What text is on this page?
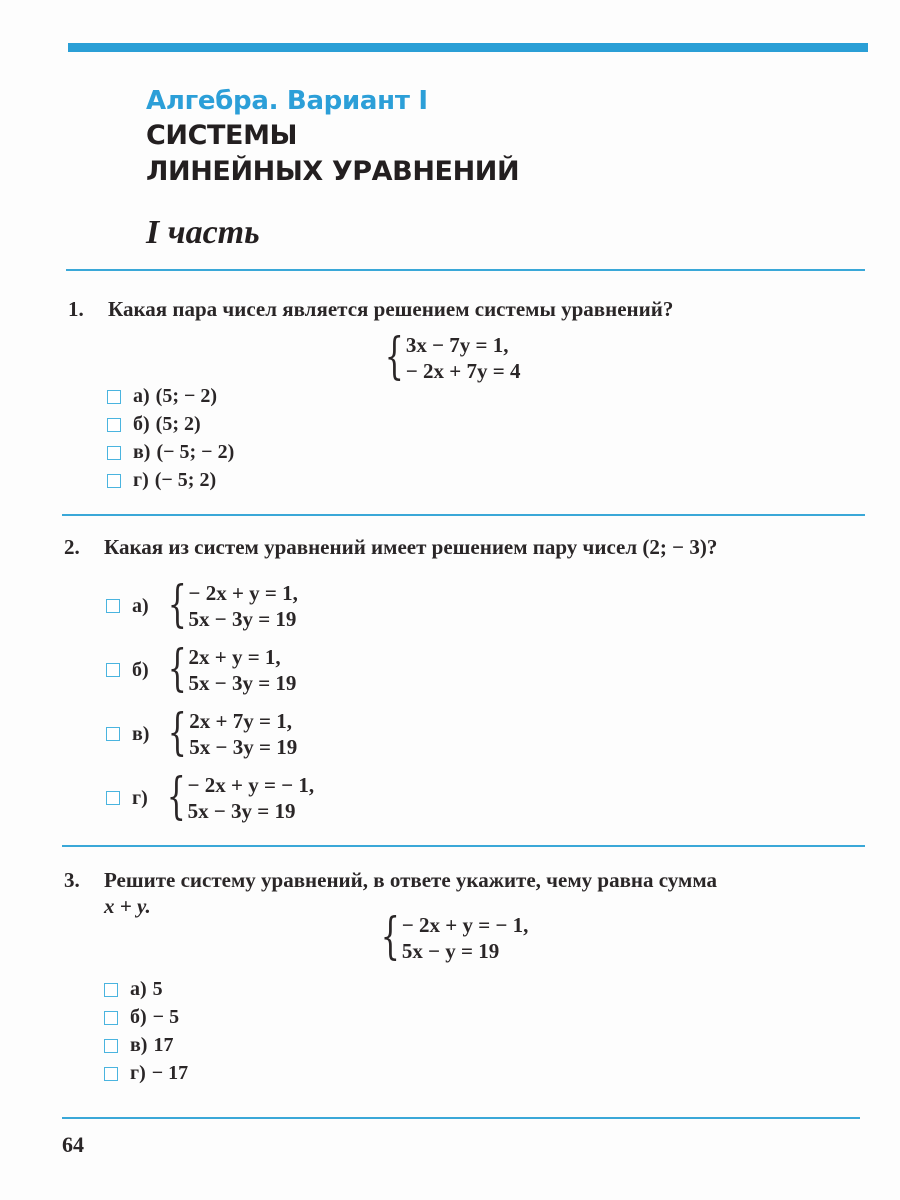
Алгебра. Вариант I
СИСТЕМЫ
ЛИНЕЙНЫХ УРАВНЕНИЙ
I часть
1. Какая пара чисел является решением системы уравнений?
{ 3x − 7y = 1,
− 2x + 7y = 4
а) (5; − 2)
б) (5; 2)
в) (− 5; − 2)
г) (− 5; 2)
2. Какая из систем уравнений имеет решением пару чисел (2; − 3)?
а) { − 2x + y = 1,
5x − 3y = 19
б) { 2x + y = 1,
5x − 3y = 19
в) { 2x + 7y = 1,
5x − 3y = 19
г) { − 2x + y = − 1,
5x − 3y = 19
3. Решите систему уравнений, в ответе укажите, чему равна сумма
x + y.
{ − 2x + y = − 1,
5x − y = 19
а) 5
б) − 5
в) 17
г) − 17
64
